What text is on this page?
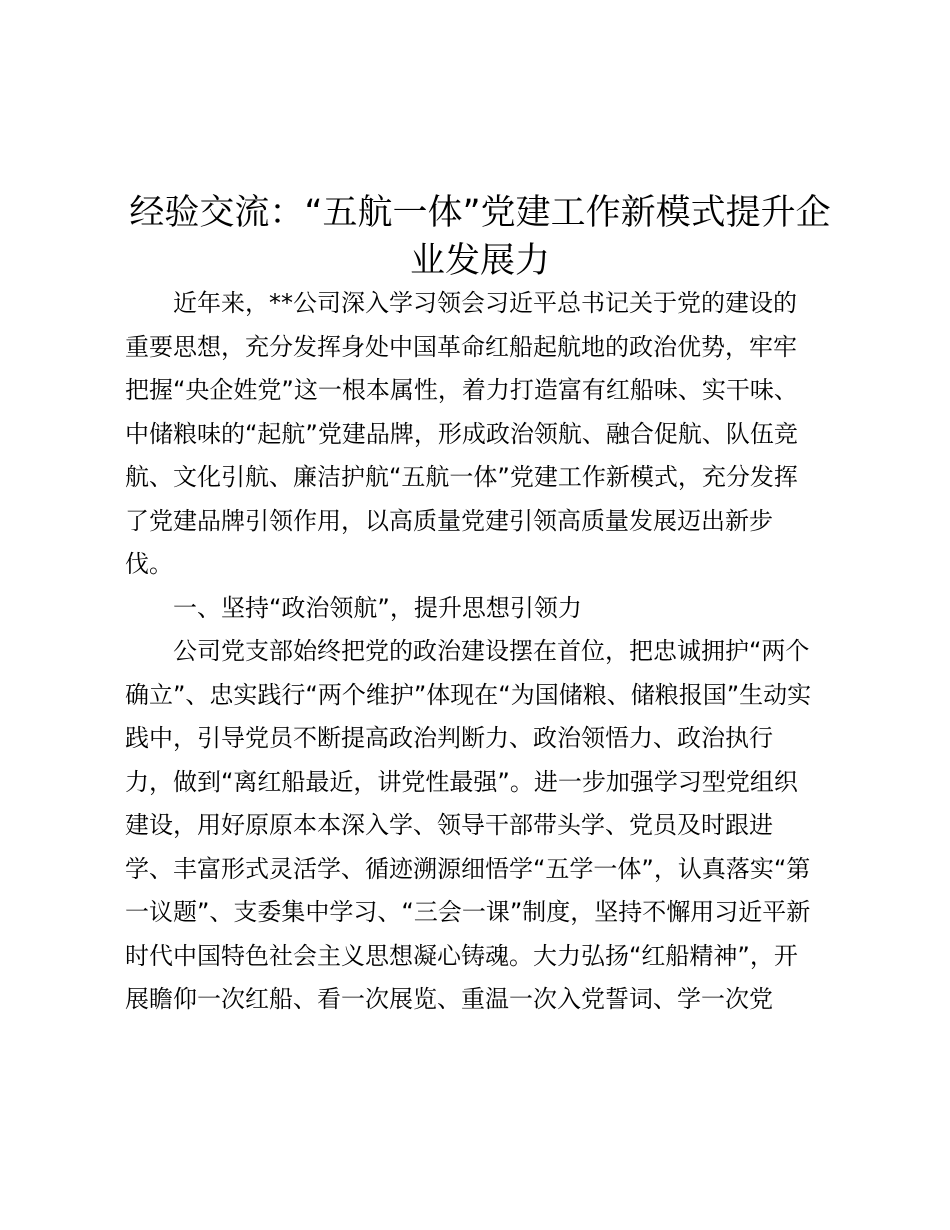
经验交流：“五航一体”党建工作新模式提升企
业发展力
近年来，**公司深入学习领会习近平总书记关于党的建设的
重要思想，充分发挥身处中国革命红船起航地的政治优势，牢牢
把握“央企姓党”这一根本属性，着力打造富有红船味、实干味、
中储粮味的“起航”党建品牌，形成政治领航、融合促航、队伍竞
航、文化引航、廉洁护航“五航一体”党建工作新模式，充分发挥
了党建品牌引领作用，以高质量党建引领高质量发展迈出新步
伐。
一、坚持“政治领航”，提升思想引领力
公司党支部始终把党的政治建设摆在首位，把忠诚拥护“两个
确立”、忠实践行“两个维护”体现在“为国储粮、储粮报国”生动实
践中，引导党员不断提高政治判断力、政治领悟力、政治执行
力，做到“离红船最近，讲党性最强”。进一步加强学习型党组织
建设，用好原原本本深入学、领导干部带头学、党员及时跟进
学、丰富形式灵活学、循迹溯源细悟学“五学一体”，认真落实“第
一议题”、支委集中学习、“三会一课”制度，坚持不懈用习近平新
时代中国特色社会主义思想凝心铸魂。大力弘扬“红船精神”，开
展瞻仰一次红船、看一次展览、重温一次入党誓词、学一次党
